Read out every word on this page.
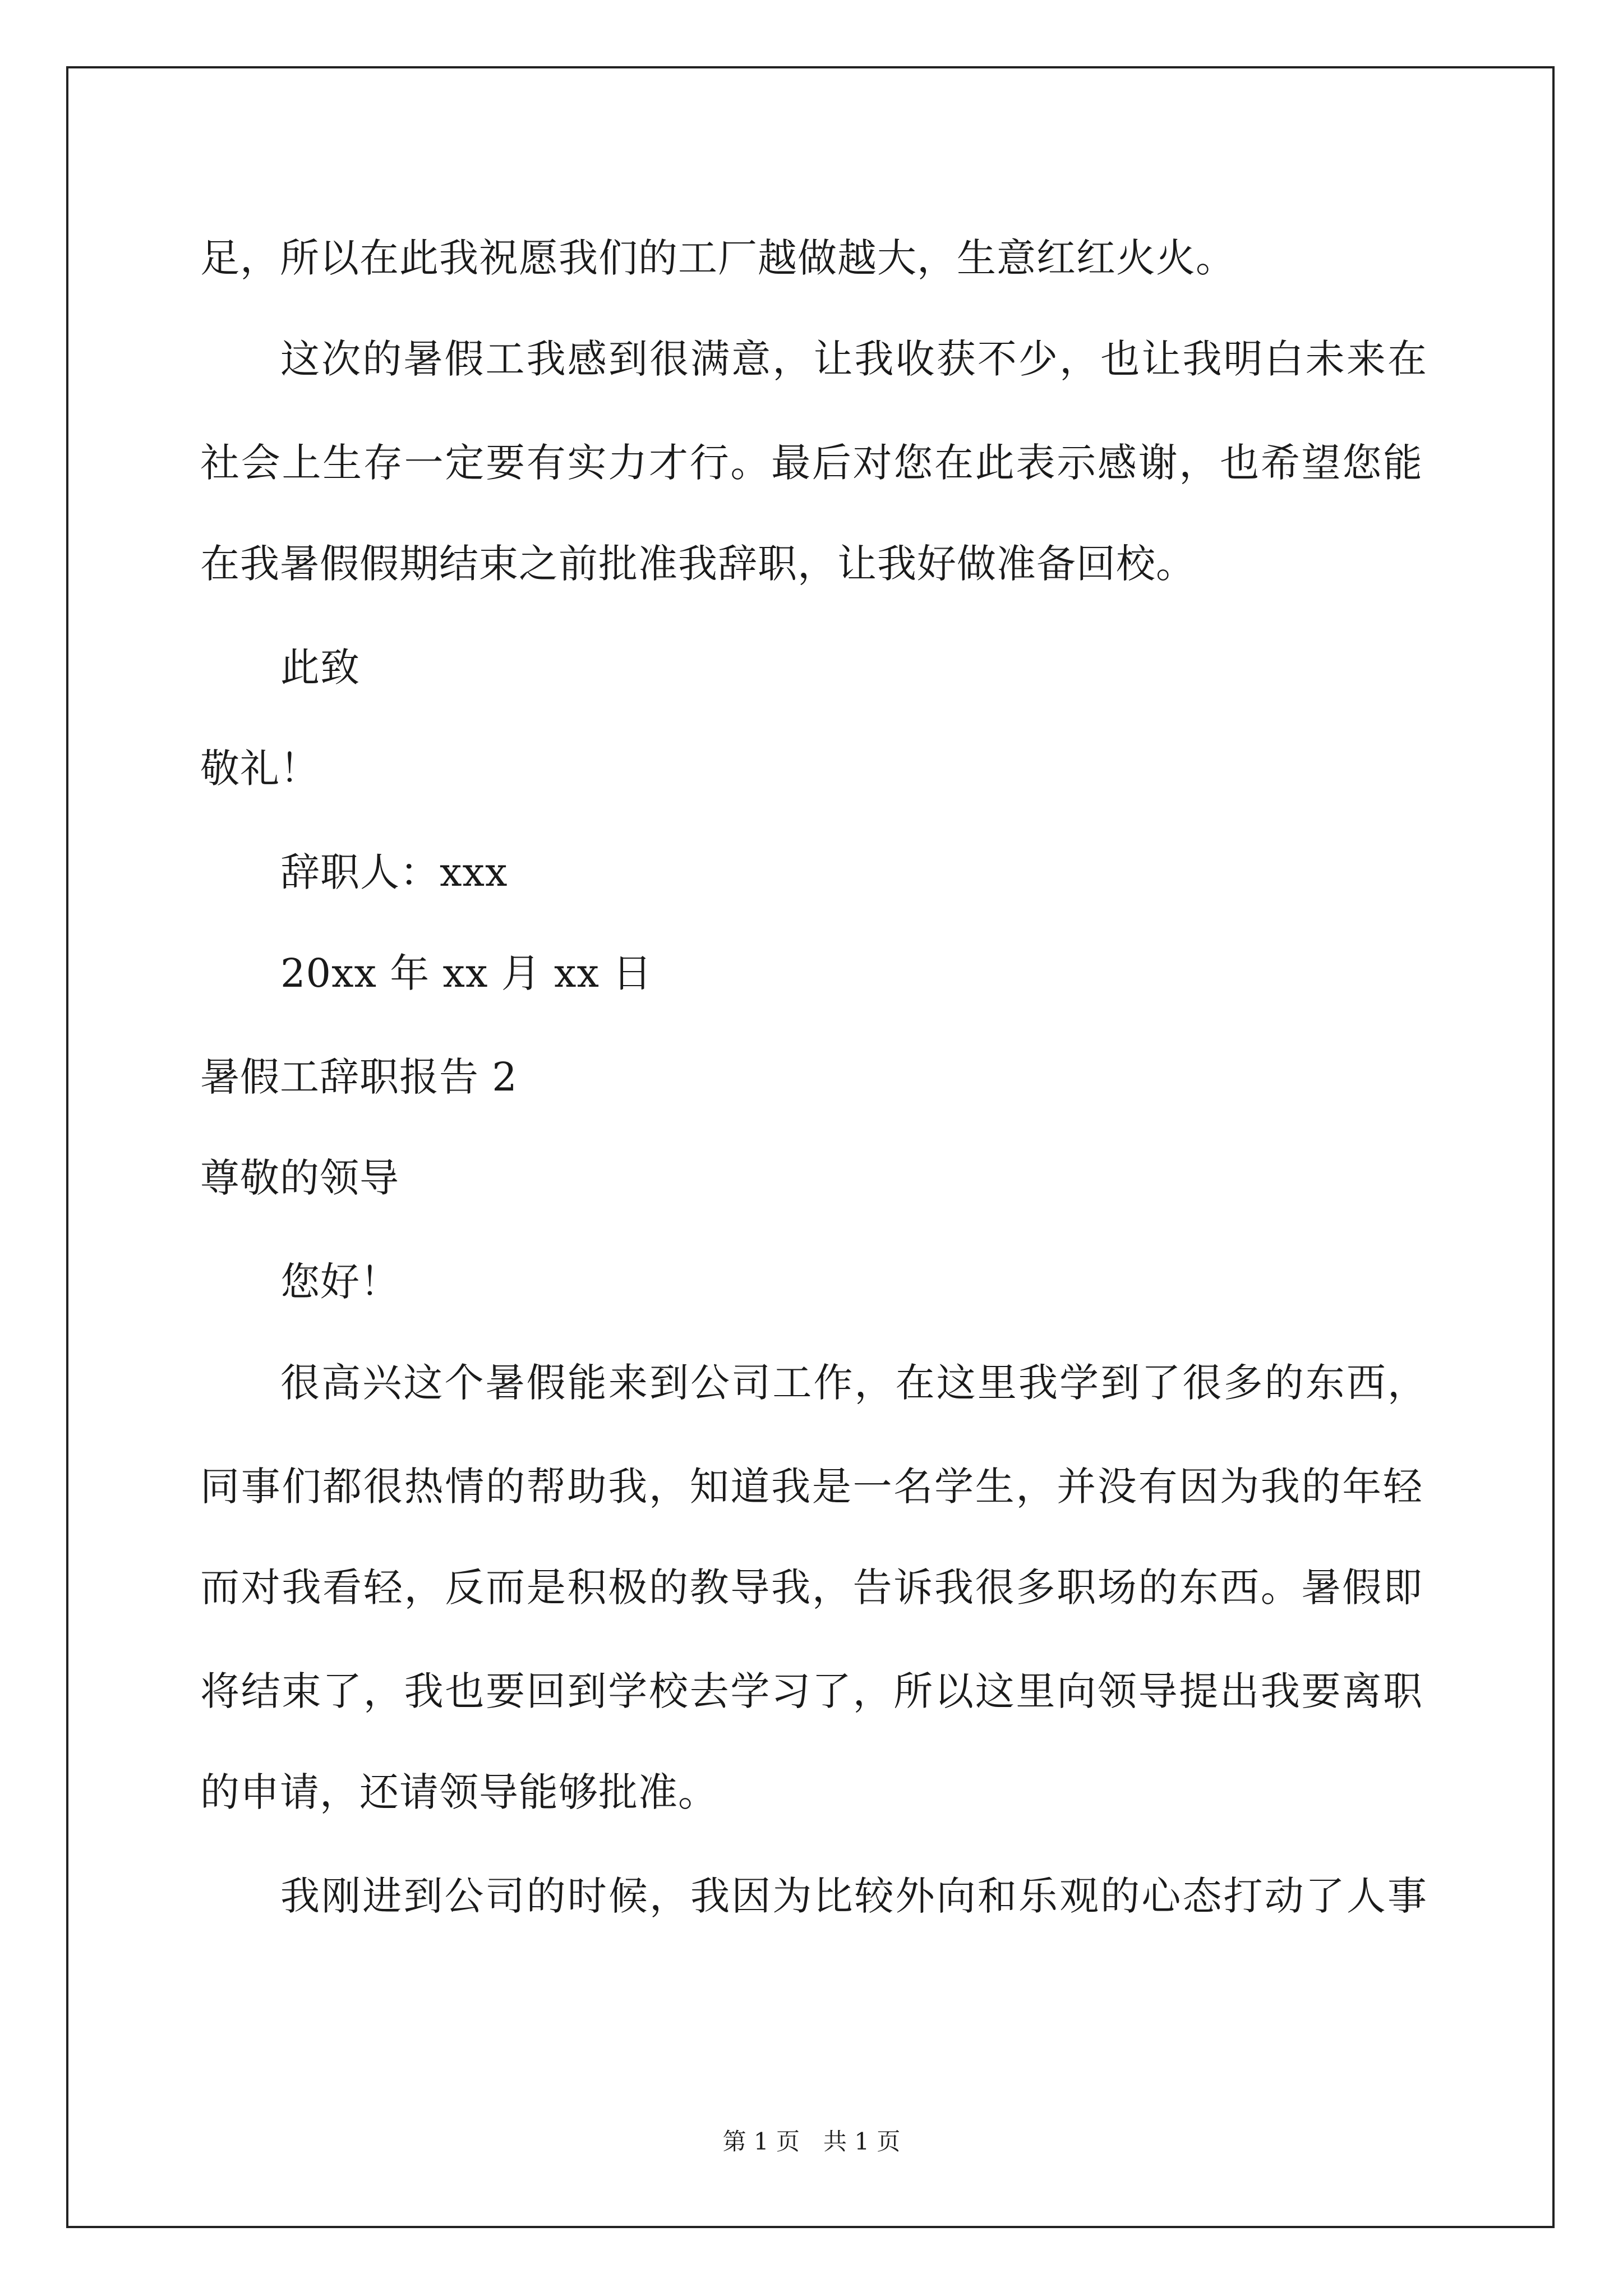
足，所以在此我祝愿我们的工厂越做越大，生意红红火火。
这次的暑假工我感到很满意，让我收获不少，也让我明白未来在
社会上生存一定要有实力才行。最后对您在此表示感谢，也希望您能
在我暑假假期结束之前批准我辞职，让我好做准备回校。
此致
敬礼！
辞职人：xxx
20xx 年 xx 月 xx 日
暑假工辞职报告 2
尊敬的领导
您好！
很高兴这个暑假能来到公司工作，在这里我学到了很多的东西，
同事们都很热情的帮助我，知道我是一名学生，并没有因为我的年轻
而对我看轻，反而是积极的教导我，告诉我很多职场的东西。暑假即
将结束了，我也要回到学校去学习了，所以这里向领导提出我要离职
的申请，还请领导能够批准。
我刚进到公司的时候，我因为比较外向和乐观的心态打动了人事
第 1 页　共 1 页
